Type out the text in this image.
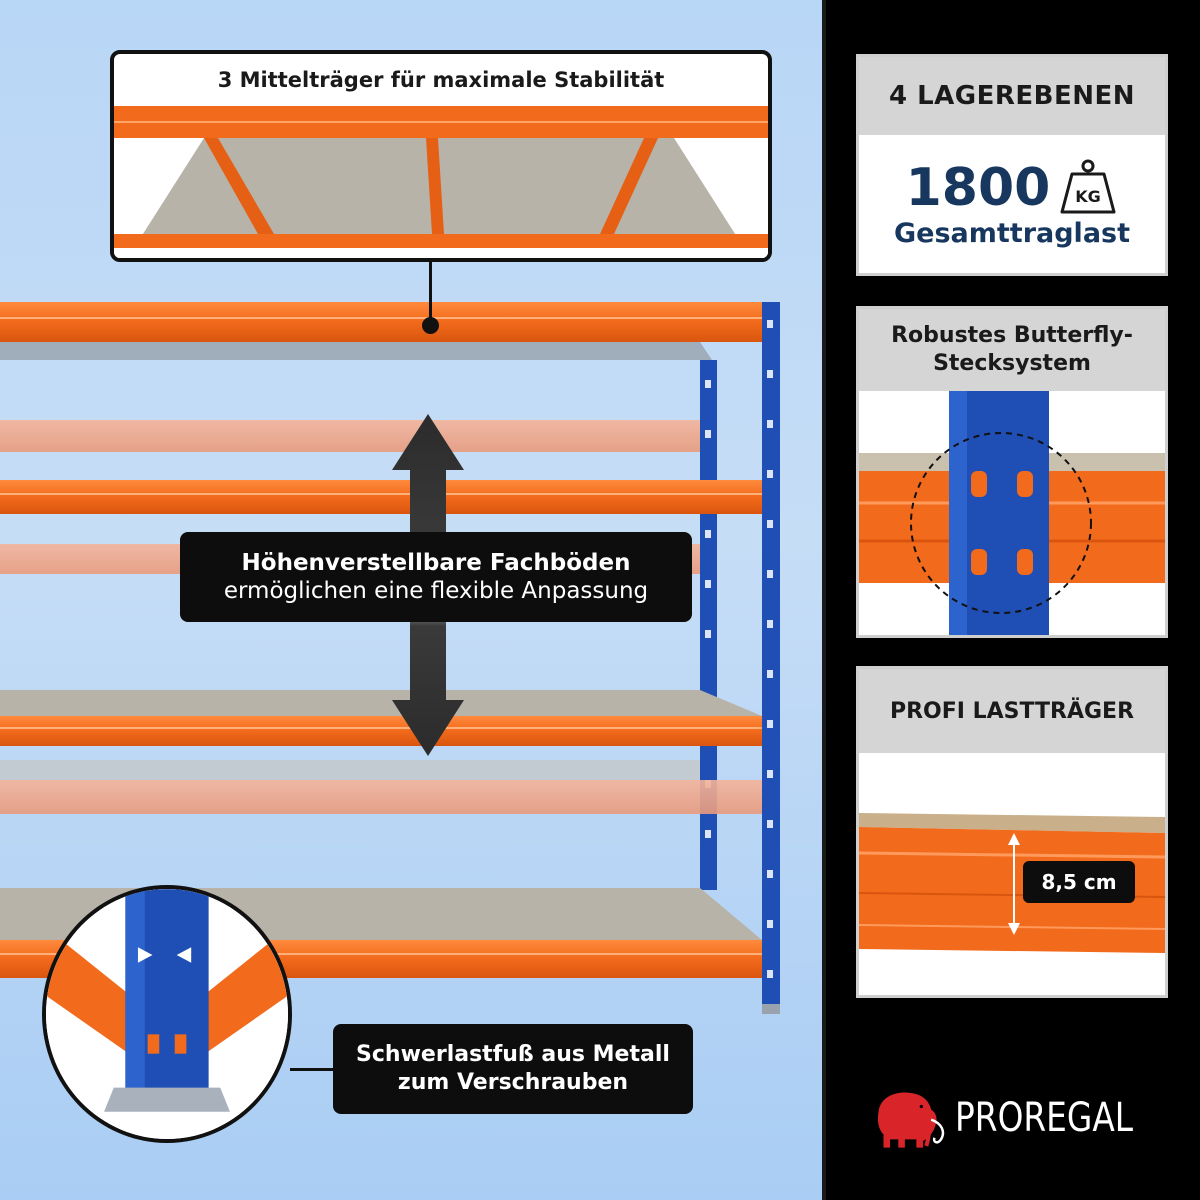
3 Mittelträger für maximale Stabilität
Höhenverstellbare Fachböden
ermöglichen eine flexible Anpassung
Schwerlastfuß aus Metall
zum Verschrauben
4 LAGEREBENEN
1800 KG
Gesamttraglast
Robustes Butterfly-
Stecksystem
PROFI LASTTRÄGER
8,5 cm
PROREGAL
